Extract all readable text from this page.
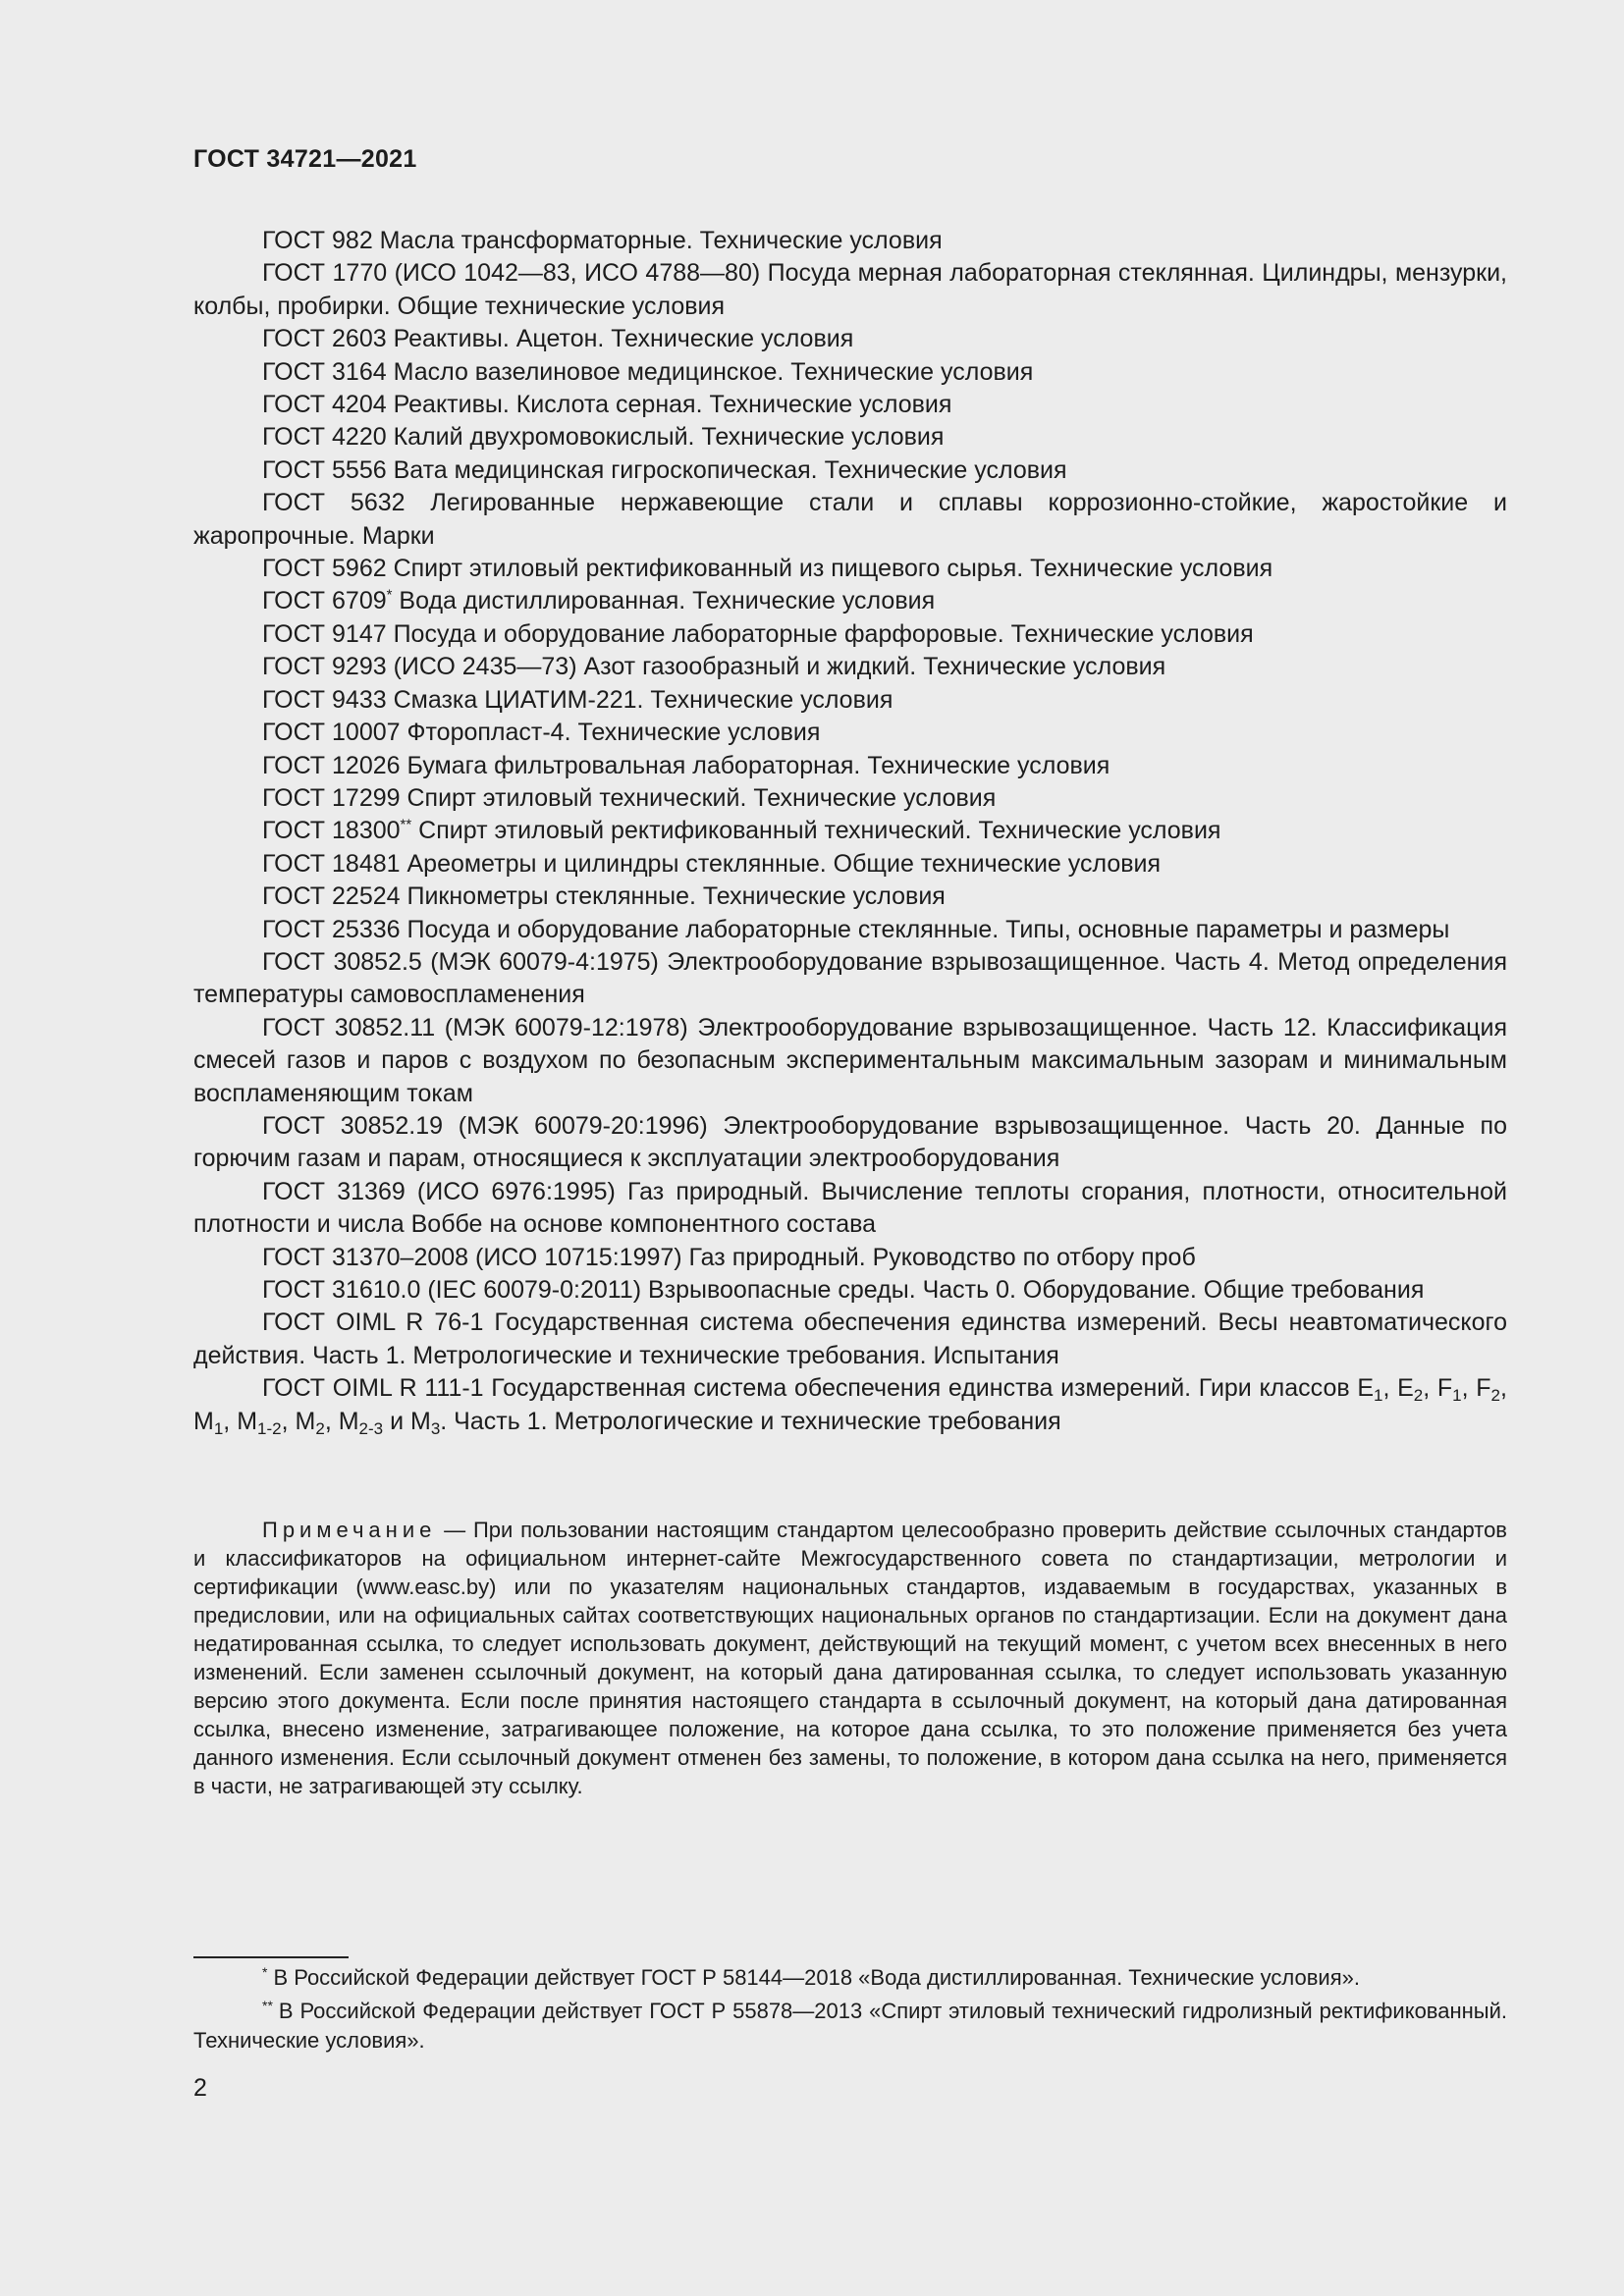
ГОСТ 34721—2021

ГОСТ 982 Масла трансформаторные. Технические условия

ГОСТ 1770 (ИСО 1042—83, ИСО 4788—80) Посуда мерная лабораторная стеклянная. Цилиндры, мензурки, колбы, пробирки. Общие технические условия

ГОСТ 2603 Реактивы. Ацетон. Технические условия

ГОСТ 3164 Масло вазелиновое медицинское. Технические условия

ГОСТ 4204 Реактивы. Кислота серная. Технические условия

ГОСТ 4220 Калий двухромовокислый. Технические условия

ГОСТ 5556 Вата медицинская гигроскопическая. Технические условия

ГОСТ 5632 Легированные нержавеющие стали и сплавы коррозионно-стойкие, жаростойкие и жаропрочные. Марки

ГОСТ 5962 Спирт этиловый ректификованный из пищевого сырья. Технические условия

ГОСТ 6709* Вода дистиллированная. Технические условия

ГОСТ 9147 Посуда и оборудование лабораторные фарфоровые. Технические условия

ГОСТ 9293 (ИСО 2435—73) Азот газообразный и жидкий. Технические условия

ГОСТ 9433 Смазка ЦИАТИМ-221. Технические условия

ГОСТ 10007 Фторопласт-4. Технические условия

ГОСТ 12026 Бумага фильтровальная лабораторная. Технические условия

ГОСТ 17299 Спирт этиловый технический. Технические условия

ГОСТ 18300** Спирт этиловый ректификованный технический. Технические условия

ГОСТ 18481 Ареометры и цилиндры стеклянные. Общие технические условия

ГОСТ 22524 Пикнометры стеклянные. Технические условия

ГОСТ 25336 Посуда и оборудование лабораторные стеклянные. Типы, основные параметры и размеры

ГОСТ 30852.5 (МЭК 60079-4:1975) Электрооборудование взрывозащищенное. Часть 4. Метод определения температуры самовоспламенения

ГОСТ 30852.11 (МЭК 60079-12:1978) Электрооборудование взрывозащищенное. Часть 12. Классификация смесей газов и паров с воздухом по безопасным экспериментальным максимальным зазорам и минимальным воспламеняющим токам

ГОСТ 30852.19 (МЭК 60079-20:1996) Электрооборудование взрывозащищенное. Часть 20. Данные по горючим газам и парам, относящиеся к эксплуатации электрооборудования

ГОСТ 31369 (ИСО 6976:1995) Газ природный. Вычисление теплоты сгорания, плотности, относительной плотности и числа Воббе на основе компонентного состава

ГОСТ 31370–2008 (ИСО 10715:1997) Газ природный. Руководство по отбору проб

ГОСТ 31610.0 (IEC 60079-0:2011) Взрывоопасные среды. Часть 0. Оборудование. Общие требования

ГОСТ OIML R 76-1 Государственная система обеспечения единства измерений. Весы неавтоматического действия. Часть 1. Метрологические и технические требования. Испытания

ГОСТ OIML R 111-1 Государственная система обеспечения единства измерений. Гири классов $E_1$, $E_2$, $F_1$, $F_2$, $M_1$, $M_{1-2}$, $M_2$, $M_{2-3}$ и $M_3$. Часть 1. Метрологические и технические требования

Примечание — При пользовании настоящим стандартом целесообразно проверить действие ссылочных стандартов и классификаторов на официальном интернет-сайте Межгосударственного совета по стандартизации, метрологии и сертификации (www.easc.by) или по указателям национальных стандартов, издаваемым в государствах, указанных в предисловии, или на официальных сайтах соответствующих национальных органов по стандартизации. Если на документ дана недатированная ссылка, то следует использовать документ, действующий на текущий момент, с учетом всех внесенных в него изменений. Если заменен ссылочный документ, на который дана датированная ссылка, то следует использовать указанную версию этого документа. Если после принятия настоящего стандарта в ссылочный документ, на который дана датированная ссылка, внесено изменение, затрагивающее положение, на которое дана ссылка, то это положение применяется без учета данного изменения. Если ссылочный документ отменен без замены, то положение, в котором дана ссылка на него, применяется в части, не затрагивающей эту ссылку.

* В Российской Федерации действует ГОСТ Р 58144—2018 «Вода дистиллированная. Технические условия».

** В Российской Федерации действует ГОСТ Р 55878—2013 «Спирт этиловый технический гидролизный ректификованный. Технические условия».

2
